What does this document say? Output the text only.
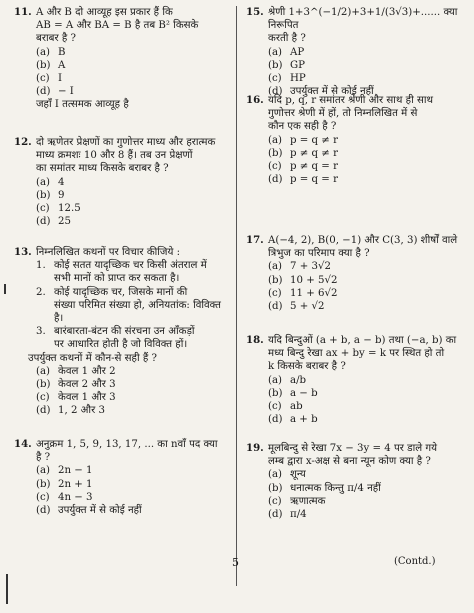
11. A और B दो आव्यूह इस प्रकार हैं कि
AB = A और BA = B है तब B² किसके
बराबर है ?
(a) B
(b) A
(c) I
(d) − I
जहाँ I तत्समक आव्यूह है
12. दो ऋणेतर प्रेक्षणों का गुणोत्तर माध्य और हरात्मक
माध्य क्रमशः 10 और 8 हैं। तब उन प्रेक्षणों
का समांतर माध्य किसके बराबर है ?
(a) 4
(b) 9
(c) 12.5
(d) 25
13. निम्नलिखित कथनों पर विचार कीजिये :
1. कोई सतत यादृच्छिक चर किसी अंतराल में
सभी मानों को प्राप्त कर सकता है।
2. कोई यादृच्छिक चर, जिसके मानों की
संख्या परिमित संख्या हो, अनियतांक: विविक्त
है।
3. बारंबारता-बंटन की संरचना उन आँकड़ों
पर आधारित होती है जो विविक्त हों।
उपर्युक्त कथनों में कौन-से सही हैं ?
(a) केवल 1 और 2
(b) केवल 2 और 3
(c) केवल 1 और 3
(d) 1, 2 और 3
14. अनुक्रम 1, 5, 9, 13, 17, ... का nवाँ पद क्या
है ?
(a) 2n − 1
(b) 2n + 1
(c) 4n − 3
(d) उपर्युक्त में से कोई नहीं
15. श्रेणी 1+3^(−1/2)+3+1/(3√3)+...... क्या निरूपित
करती है ?
(a) AP
(b) GP
(c) HP
(d) उपर्युक्त में से कोई नहीं
16. यदि p, q, r समांतर श्रेणी और साथ ही साथ
गुणोत्तर श्रेणी में हों, तो निम्नलिखित में से
कौन एक सही है ?
(a) p = q ≠ r
(b) p ≠ q ≠ r
(c) p ≠ q = r
(d) p = q = r
17. A(−4, 2), B(0, −1) और C(3, 3) शीर्षों वाले
त्रिभुज का परिमाप क्या है ?
(a) 7 + 3√2
(b) 10 + 5√2
(c) 11 + 6√2
(d) 5 + √2
18. यदि बिन्दुओं (a + b, a − b) तथा (−a, b) का
मध्य बिन्दु रेखा ax + by = k पर स्थित हो तो
k किसके बराबर है ?
(a) a/b
(b) a − b
(c) ab
(d) a + b
19. मूलबिन्दु से रेखा 7x − 3y = 4 पर डाले गये
लम्ब द्वारा x-अक्ष से बना न्यून कोण क्या है ?
(a) शून्य
(b) धनात्मक किन्तु π/4 नहीं
(c) ऋणात्मक
(d) π/4
5	(Contd.)
